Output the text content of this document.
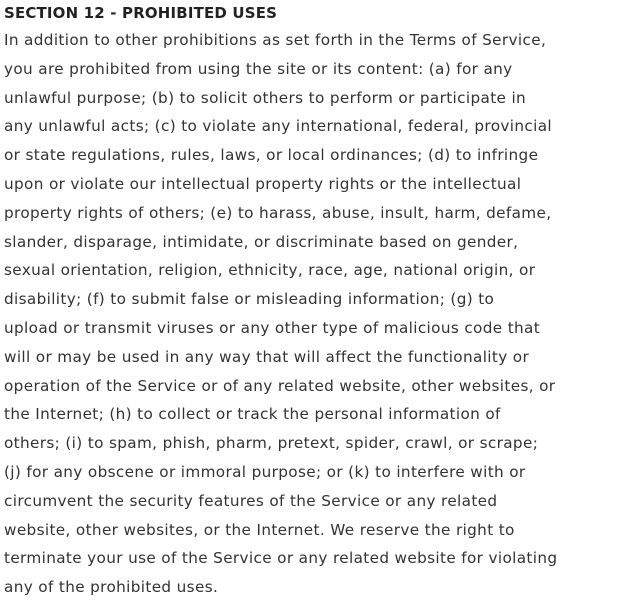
SECTION 12 - PROHIBITED USES
In addition to other prohibitions as set forth in the Terms of Service,
you are prohibited from using the site or its content: (a) for any
unlawful purpose; (b) to solicit others to perform or participate in
any unlawful acts; (c) to violate any international, federal, provincial
or state regulations, rules, laws, or local ordinances; (d) to infringe
upon or violate our intellectual property rights or the intellectual
property rights of others; (e) to harass, abuse, insult, harm, defame,
slander, disparage, intimidate, or discriminate based on gender,
sexual orientation, religion, ethnicity, race, age, national origin, or
disability; (f) to submit false or misleading information; (g) to
upload or transmit viruses or any other type of malicious code that
will or may be used in any way that will affect the functionality or
operation of the Service or of any related website, other websites, or
the Internet; (h) to collect or track the personal information of
others; (i) to spam, phish, pharm, pretext, spider, crawl, or scrape;
(j) for any obscene or immoral purpose; or (k) to interfere with or
circumvent the security features of the Service or any related
website, other websites, or the Internet. We reserve the right to
terminate your use of the Service or any related website for violating
any of the prohibited uses.
